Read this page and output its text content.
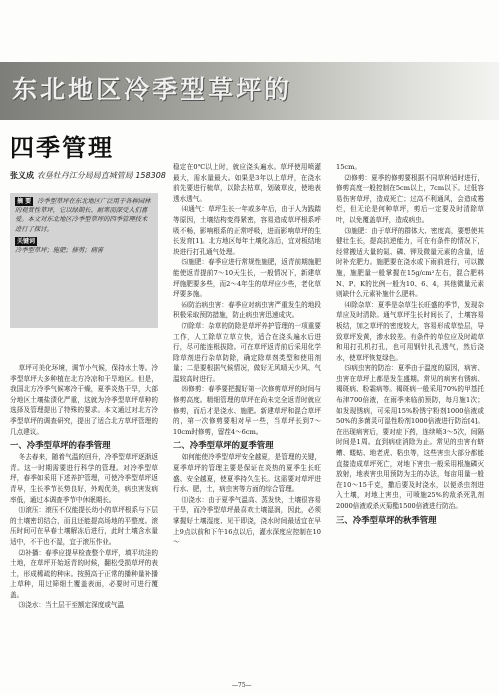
东北地区冷季型草坪的
四季管理
张义成 农垦牡丹江分局局直城管局 158308
摘 要 冷季型草坪在东北地区广泛用于各种园林的观赏性草坪，它以绿期长、耐寒而深受人们喜爱。本文对东北地区冷季型草坪的四季管理技术进行了探讨。
关键词
冷季型草坪；施肥；修剪；病害

草坪可美化环境，调节小气候，保持水土等。冷季型草坪大多种植在北方冷凉和干旱地区。但是，我国北方冷季气候寒冷干燥，夏季炎热干旱，大部分地区土壤盐渍化严重，这就为冷季型草坪草种的选择及管理提出了特殊的要求。本文通过对北方冷季型草坪的调查研究，提出了适合北方草坪管理的几点建议。

一、冷季型草坪的春季管理

冬去春来，随着气温的回升，冷季型草坪逐渐返青。这一时期需要进行科学的管理。对冷季型草坪，春季如采用下述养护管理，可使冷季型草坪返青早，生长季节长势良好，外观优美，病虫害发病率低，通过本调查季节中休眠期长。

⑴滚压：滚压不仅能提长幼小的草坪根系与下层的土壤密切结合，而且还能提高场地的平整度。滚压时间可在早春土壤解冻后进行，此时土壤含水量适中，不干也不湿，宜于滚压作业。

⑵补播：春季应提早检查整个草坪，填平坑洼的土地，在草坪开始返青的时候，翻松受损草坪的表土，形成稀疏的种床。按照高于正常的播种量补播上草种，用过筛细土覆盖表面，必要时可进行覆盖。

⑶浇水：当土层干至额定深度或气温

稳定在0℃以上时，就应浇头遍水。草坪使用喷灌最大，需水量最大。如果是3年以上草坪，在浇水前先要进行梳草，以除去枯草，划破草皮，使地表透水透气。

⑷通气：草坪生长一年或多年后，由于人为践踏等原因，土壤结构变得紧密，容易造成草坪根系呼吸不畅，影响根系的正常呼吸，进而影响草坪的生长发育[1]。北方地区每年土壤化冻后，宜对板结地块进行打孔通气处理。

⑸施肥：春季应进行常规性施肥，返青前期施肥能使返青提前7～10天生长，一般情况下，新建草坪施肥要多些，而2～4年生的草坪应少些，老化草坪要多施。

⑹防治病虫害：春季应对病虫害严重发生的地段积极采取预防措施，防止病虫害迅速成灾。

⑺除草：杂草的防除是草坪养护管理的一项重要工作，人工除草立草立快，适合在浇头遍水后进行，尽可能连根拔除。可在草坪返青前后采用化学除草剂进行杂草防除，确定除草剂类型和使用剂量；二是要根据气候情况，做好无风晴天少风、气温较高时进行。

⑻修剪：春季要把握好第一次修剪草坪的时间与修剪高度。精细管理的草坪在尚未完全返青时就应修剪，而后才是浇水、施肥。新建草坪和混合草坪的，第一次修剪要相对早一些，当草坪长到7～10cm时修剪，留茬4～6cm。

二、冷季型草坪的夏季管理

如何能使冷季型草坪安全越夏，是管理的关键，夏季草坪的管理主要是保证在炎热的夏季生长旺盛、安全越夏，使夏季持久生长。这需要对草坪进行水、肥，土，病虫害等方面的综合管理。

⑴浇水：由于夏季气温高、蒸发快，土壤很容易干旱，而冷季型草坪最喜欢土壤湿润，因此，必须掌握好土壤湿度、见干即浇，浇水时间最适宜在早上9点以前和下午16点以后，灌水深度应控制在10～

15cm。

⑵修剪：夏季的修剪要根据不同草种适时进行，修剪高度一般控制在5cm以上，7cm以下。过低容易伤害草坪，造成死亡；过高不利通风，会造成霉烂，但无论是何种草坪，剪后一定要及时清除草叶，以免覆盖草坪，造成病虫。

⑶施肥：由于草坪的群体大、密度高，要想使其健壮生长，提高抗逆能力，可在有条件的情况下，经常搬适大量的氮、磷、钾及微量元素的含量，适时补充肥力。施肥要在浇水或下雨前进行，可以撒施，施肥量一般掌握在15g/cm²左右，混合肥料N、P、K的比例一般为10、6、4，其他微量元素则缺什么元素补施什么肥料。

⑷除杂草：夏季是杂草生长旺盛的季节，发现杂草应及时清除。通气草坪生长时间长了，土壤容易板结，加之草坪的密度较大，容易形成草垫层，导致草坪发黄，渗水较差。有条件的单位应及时疏草和用打孔机打孔，也可用钢针扎孔透气，然后浇水，使草坪恢复绿色。

⑸病虫害的防治：夏季由于温度的原因，病害、虫害在草坪上都是发生盛期。常见的病害有锈病、褐斑病、粉霜病等。褐斑病一般采用70%的甲基托布津700倍液，在雨季来临前预防，每月施1次；如发现锈病，可采用15%粉锈宁粉剂1000倍液或50%的多菌灵可湿性粉剂1000倍液进行防治[4]。在出现病害后，要对症下药，连续喷3～5次，间隔时间是1周。直到病症消除为止。常见的虫害有蛴螬、蝼蛄、地老虎、粘虫等，这些害虫大部分都能直接造成草坪死亡，对地下害虫一般采用根施磷灭放射，地表害虫用预防为主的办法，每亩用量一般在10～15千克，撒后要及时浇水，以便杀虫剂进入土壤，对地上害虫，可喷施25%的敌杀死乳剂2000倍液或杀灭菊酯1500倍液进行防治。

三、冷季型草坪的秋季管理
—75—
